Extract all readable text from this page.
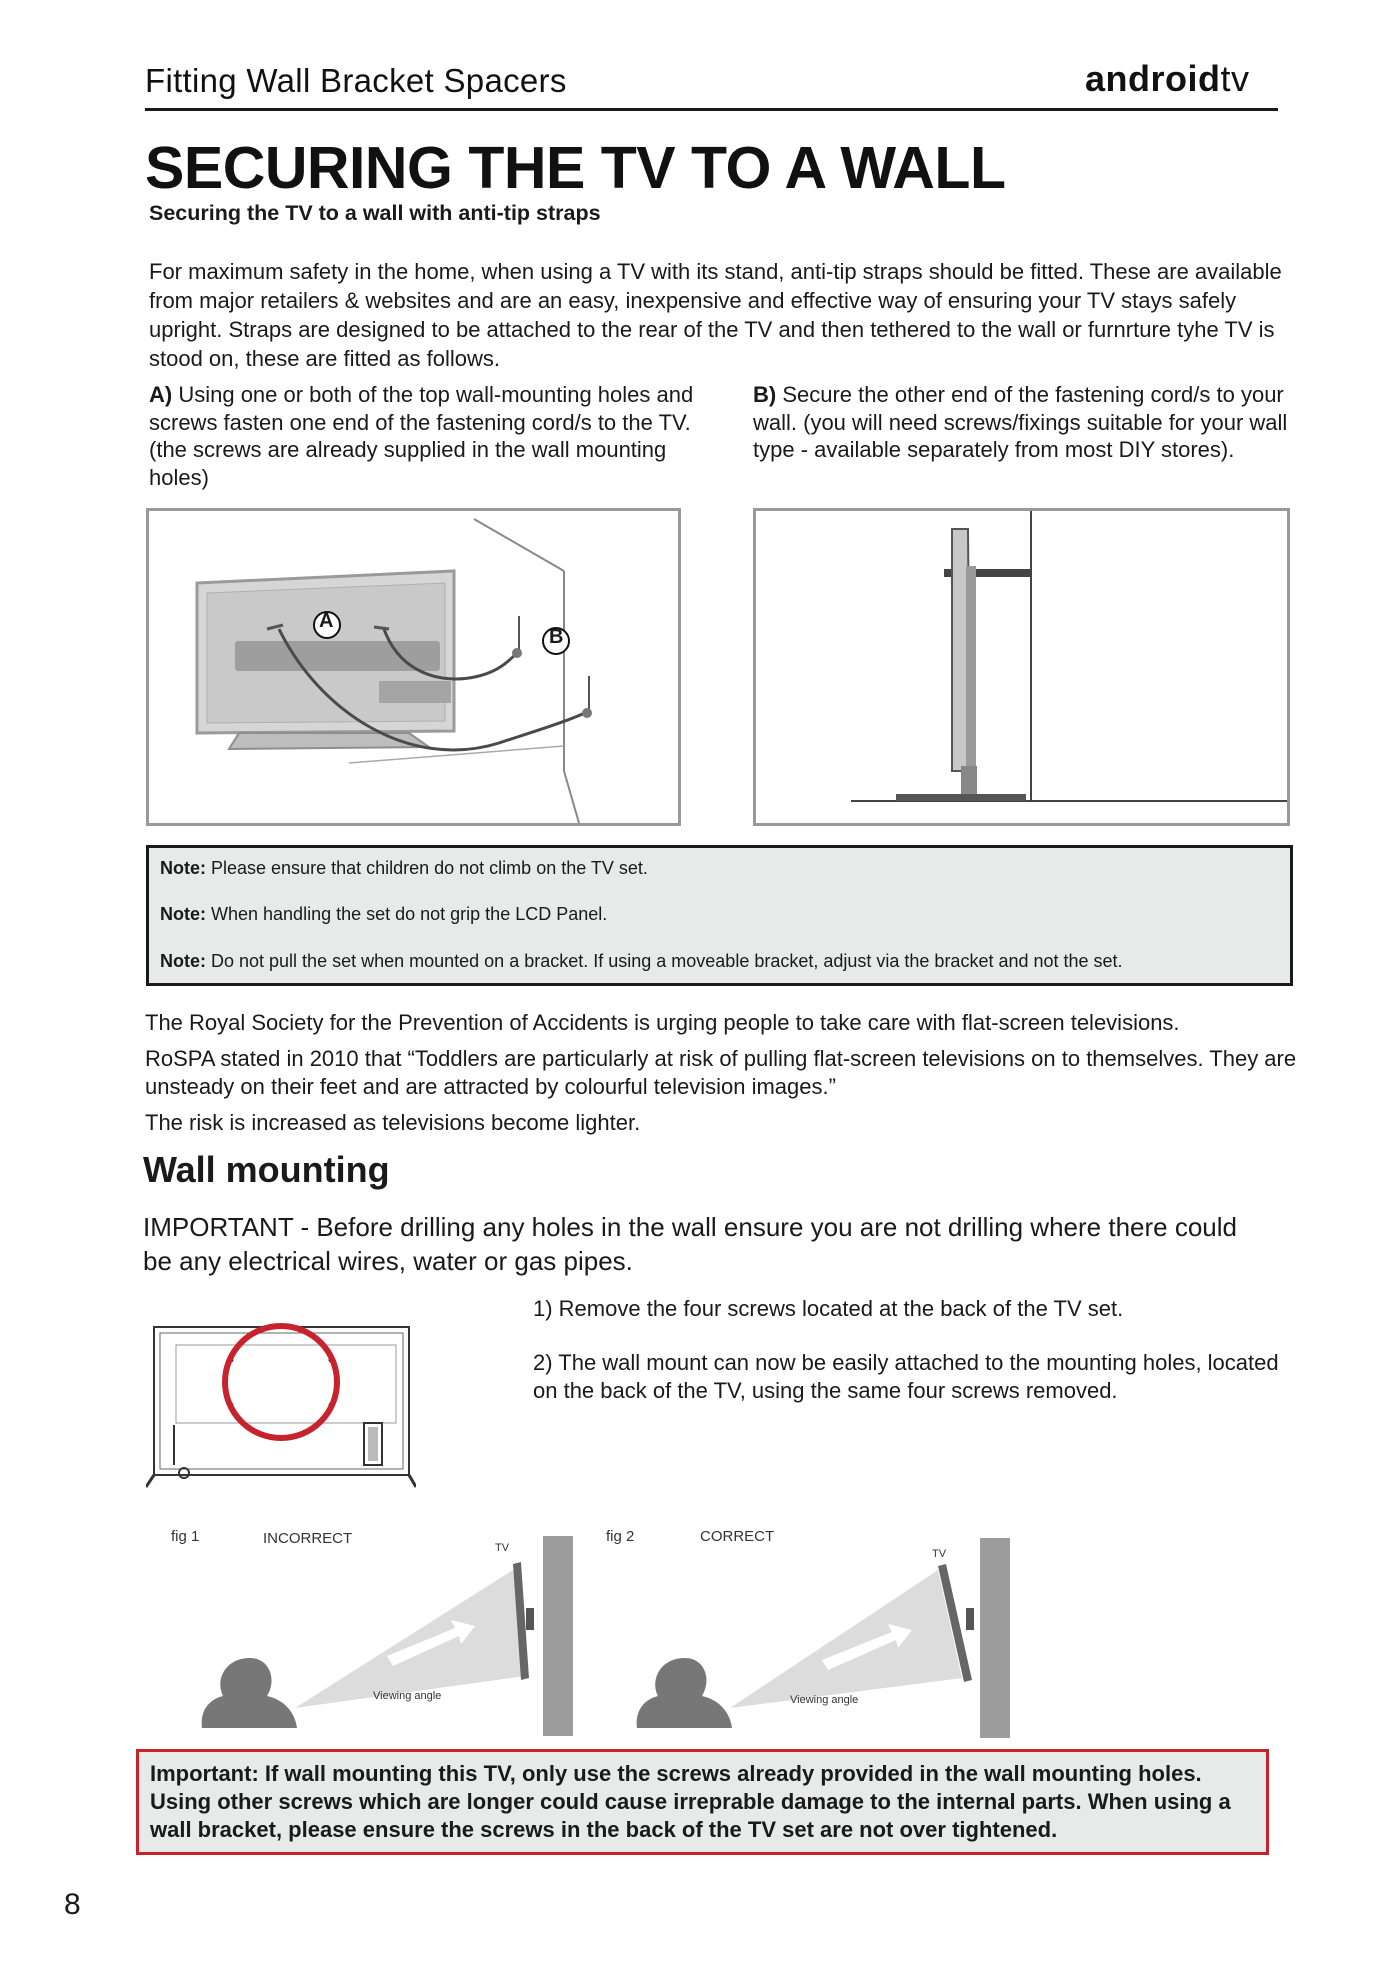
Fitting Wall Bracket Spacers	androidtv
SECURING THE TV TO A WALL
Securing the TV to a wall with anti-tip straps
For maximum safety in the home, when using a TV with its stand, anti-tip straps should be fitted. These are available from major retailers & websites and are an easy, inexpensive and effective way of ensuring your TV stays safely upright. Straps are designed to be attached to the rear of the TV and then tethered to the wall or furnrture tyhe TV is stood on, these are fitted as follows.
A) Using one or both of the top wall-mounting holes and screws fasten one end of the fastening cord/s to the TV. (the screws are already supplied in the wall mounting holes)
B) Secure the other end of the fastening cord/s to your wall. (you will need screws/fixings suitable for your wall type - available separately from most DIY stores).
A
B
Note: Please ensure that children do not climb on the TV set.
Note: When handling the set do not grip the LCD Panel.
Note: Do not pull the set when mounted on a bracket. If using a moveable bracket, adjust via the bracket and not the set.
The Royal Society for the Prevention of Accidents is urging people to take care with flat-screen televisions.
RoSPA stated in 2010 that “Toddlers are particularly at risk of pulling flat-screen televisions on to themselves. They are unsteady on their feet and are attracted by colourful television images.”
The risk is increased as televisions become lighter.
Wall mounting
IMPORTANT - Before drilling any holes in the wall ensure you are not drilling where there could be any electrical wires, water or gas pipes.
1) Remove the four screws located at the back of the TV set.
2) The wall mount can now be easily attached to the mounting holes, located on the back of the TV, using the same four screws removed.
fig 1	INCORRECT
TV
Viewing angle
fig 2	CORRECT
TV
Viewing angle
Important: If wall mounting this TV, only use the screws already provided in the wall mounting holes. Using other screws which are longer could cause irreprable damage to the internal parts. When using a wall bracket, please ensure the screws in the back of the TV set are not over tightened.
8
